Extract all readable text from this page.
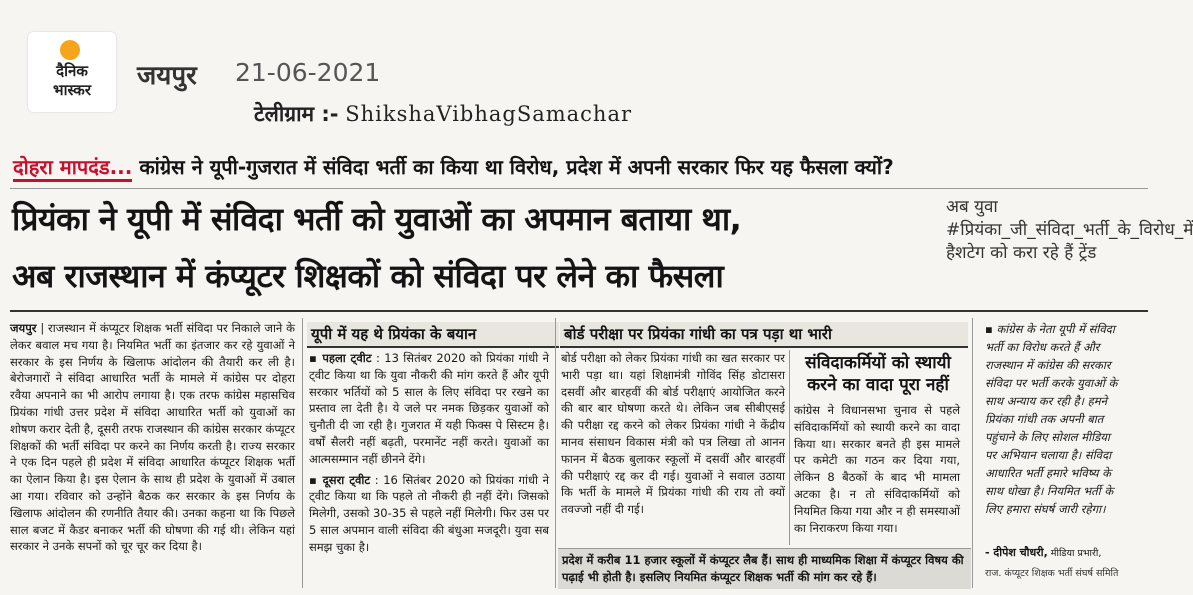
दैनिक
भास्कर	जयपुर 21-06-2021
टेलीग्राम :- ShikshaVibhagSamachar
दोहरा मापदंड... कांग्रेस ने यूपी-गुजरात में संविदा भर्ती का किया था विरोध, प्रदेश में अपनी सरकार फिर यह फैसला क्यों?
प्रियंका ने यूपी में संविदा भर्ती को युवाओं का अपमान बताया था,
अब राजस्थान में कंप्यूटर शिक्षकों को संविदा पर लेने का फैसला
अब युवा #प्रियंका_जी_संविदा_भर्ती_के_विरोध_में हैशटेग को करा रहे हैं ट्रेंड
जयपुर | राजस्थान में कंप्यूटर शिक्षक भर्ती संविदा पर निकाले जाने के लेकर बवाल मच गया है। नियमित भर्ती का इंतजार कर रहे युवाओं ने सरकार के इस निर्णय के खिलाफ आंदोलन की तैयारी कर ली है। बेरोजगारों ने संविदा आधारित भर्ती के मामले में कांग्रेस पर दोहरा रवैया अपनाने का भी आरोप लगाया है। एक तरफ कांग्रेस महासचिव प्रियंका गांधी उत्तर प्रदेश में संविदा आधारित भर्ती को युवाओं का शोषण करार देती है, दूसरी तरफ राजस्थान की कांग्रेस सरकार कंप्यूटर शिक्षकों की भर्ती संविदा पर करने का निर्णय करती है। राज्य सरकार ने एक दिन पहले ही प्रदेश में संविदा आधारित कंप्यूटर शिक्षक भर्ती का ऐलान किया है। इस ऐलान के साथ ही प्रदेश के युवाओं में उबाल आ गया। रविवार को उन्होंने बैठक कर सरकार के इस निर्णय के खिलाफ आंदोलन की रणनीति तैयार की। उनका कहना था कि पिछले साल बजट में कैडर बनाकर भर्ती की घोषणा की गई थी। लेकिन यहां सरकार ने उनके सपनों को चूर चूर कर दिया है।
यूपी में यह थे प्रियंका के बयान
▪ पहला ट्वीट : 13 सितंबर 2020 को प्रियंका गांधी ने ट्वीट किया था कि युवा नौकरी की मांग करते हैं और यूपी सरकार भर्तियों को 5 साल के लिए संविदा पर रखने का प्रस्ताव ला देती है। ये जले पर नमक छिड़कर युवाओं को चुनौती दी जा रही है। गुजरात में यही फिक्स पे सिस्टम है। वर्षों सैलरी नहीं बढ़ती, परमानेंट नहीं करते। युवाओं का आत्मसम्मान नहीं छीनने देंगे।
▪ दूसरा ट्वीट : 16 सितंबर 2020 को प्रियंका गांधी ने ट्वीट किया था कि पहले तो नौकरी ही नहीं देंगे। जिसको मिलेगी, उसको 30-35 से पहले नहीं मिलेगी। फिर उस पर 5 साल अपमान वाली संविदा की बंधुआ मजदूरी। युवा सब समझ चुका है।
बोर्ड परीक्षा पर प्रियंका गांधी का पत्र पड़ा था भारी
बोर्ड परीक्षा को लेकर प्रियंका गांधी का खत सरकार पर भारी पड़ा था। यहां शिक्षामंत्री गोविंद सिंह डोटासरा दसवीं और बारहवीं की बोर्ड परीक्षाएं आयोजित करने की बार बार घोषणा करते थे। लेकिन जब सीबीएसई की परीक्षा रद्द करने को लेकर प्रियंका गांधी ने केंद्रीय मानव संसाधन विकास मंत्री को पत्र लिखा तो आनन फानन में बैठक बुलाकर स्कूलों में दसवीं और बारहवीं की परीक्षाएं रद्द कर दी गई। युवाओं ने सवाल उठाया कि भर्ती के मामले में प्रियंका गांधी की राय तो क्यों तवज्जो नहीं दी गई।
संविदाकर्मियों को स्थायी करने का वादा पूरा नहीं
कांग्रेस ने विधानसभा चुनाव से पहले संविदाकर्मियों को स्थायी करने का वादा किया था। सरकार बनते ही इस मामले पर कमेटी का गठन कर दिया गया, लेकिन 8 बैठकों के बाद भी मामला अटका है। न तो संविदाकर्मियों को नियमित किया गया और न ही समस्याओं का निराकरण किया गया।
प्रदेश में करीब 11 हजार स्कूलों में कंप्यूटर लैब हैं। साथ ही माध्यमिक शिक्षा में कंप्यूटर विषय की पढ़ाई भी होती है। इसलिए नियमित कंप्यूटर शिक्षक भर्ती की मांग कर रहे हैं।
▪ कांग्रेस के नेता यूपी में संविदा भर्ती का विरोध करते हैं और राजस्थान में कांग्रेस की सरकार संविदा पर भर्ती करके युवाओं के साथ अन्याय कर रही है। हमने प्रियंका गांधी तक अपनी बात पहुंचाने के लिए सोशल मीडिया पर अभियान चलाया है। संविदा आधारित भर्ती हमारे भविष्य के साथ धोखा है। नियमित भर्ती के लिए हमारा संघर्ष जारी रहेगा।
- दीपेश चौधरी, मीडिया प्रभारी,
राज. कंप्यूटर शिक्षक भर्ती संघर्ष समिति
